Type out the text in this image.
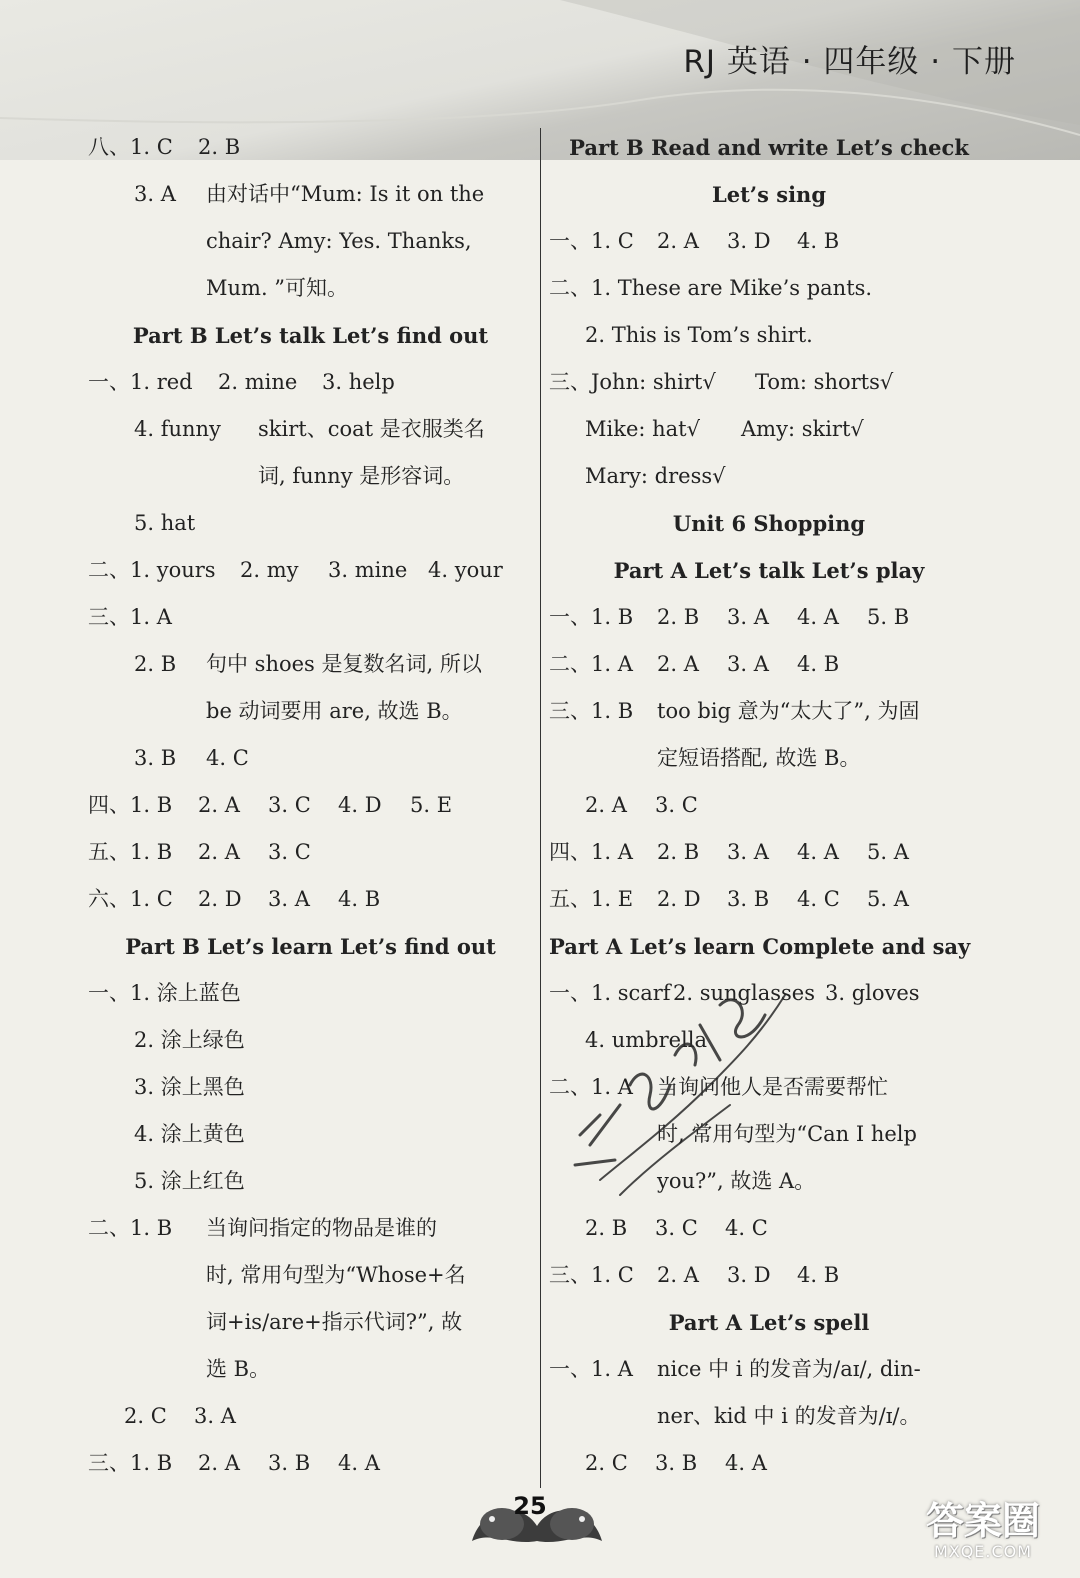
RJ 英语 · 四年级 · 下册
八、1. C 2. B
3. A 由对话中“Mum: Is it on the
chair? Amy: Yes. Thanks,
Mum. ”可知。
Part B Let’s talk Let’s find out
一、1. red 2. mine 3. help
4. funny skirt、coat 是衣服类名
词, funny 是形容词。
5. hat
二、1. yours 2. my 3. mine 4. your
三、1. A
2. B 句中 shoes 是复数名词, 所以
be 动词要用 are, 故选 B。
3. B 4. C
四、1. B 2. A 3. C 4. D 5. E
五、1. B 2. A 3. C
六、1. C 2. D 3. A 4. B
Part B Let’s learn Let’s find out
一、1. 涂上蓝色
2. 涂上绿色
3. 涂上黑色
4. 涂上黄色
5. 涂上红色
二、1. B 当询问指定的物品是谁的
时, 常用句型为“Whose+名
词+is/are+指示代词?”, 故
选 B。
2. C 3. A
三、1. B 2. A 3. B 4. A
Part B Read and write Let’s check
Let’s sing
一、1. C 2. A 3. D 4. B
二、1. These are Mike’s pants.
2. This is Tom’s shirt.
三、John: shirt√ Tom: shorts√
Mike: hat√ Amy: skirt√
Mary: dress√
Unit 6 Shopping
Part A Let’s talk Let’s play
一、1. B 2. B 3. A 4. A 5. B
二、1. A 2. A 3. A 4. B
三、1. B too big 意为“太大了”, 为固
定短语搭配, 故选 B。
2. A 3. C
四、1. A 2. B 3. A 4. A 5. A
五、1. E 2. D 3. B 4. C 5. A
Part A Let’s learn Complete and say
一、1. scarf 2. sunglasses 3. gloves
4. umbrella
二、1. A 当询问他人是否需要帮忙
时, 常用句型为“Can I help
you?”, 故选 A。
2. B 3. C 4. C
三、1. C 2. A 3. D 4. B
Part A Let’s spell
一、1. A nice 中 i 的发音为/aɪ/, din-
ner、kid 中 i 的发音为/ɪ/。
2. C 3. B 4. A
25	答案圈
MXQE.COM
